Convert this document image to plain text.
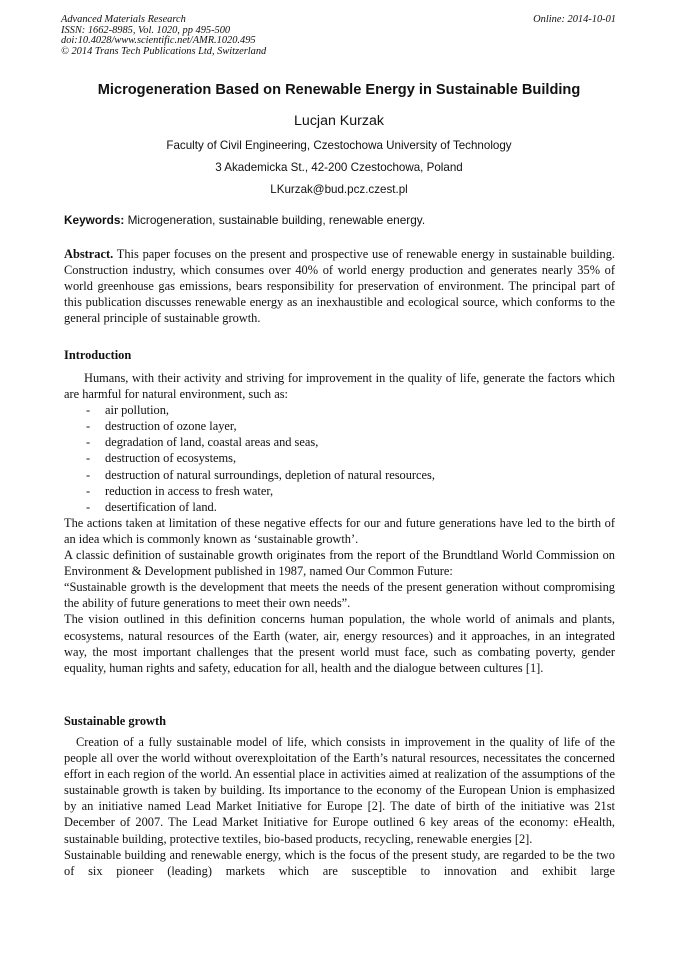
Advanced Materials Research
ISSN: 1662-8985, Vol. 1020, pp 495-500
doi:10.4028/www.scientific.net/AMR.1020.495
© 2014 Trans Tech Publications Ltd, Switzerland
Online: 2014-10-01
Microgeneration Based on Renewable Energy in Sustainable Building
Lucjan Kurzak
Faculty of Civil Engineering, Czestochowa University of Technology
3 Akademicka St., 42-200 Czestochowa, Poland
LKurzak@bud.pcz.czest.pl
Keywords: Microgeneration, sustainable building, renewable energy.

Abstract. This paper focuses on the present and prospective use of renewable energy in sustainable building. Construction industry, which consumes over 40% of world energy production and generates nearly 35% of world greenhouse gas emissions, bears responsibility for preservation of environment. The principal part of this publication discusses renewable energy as an inexhaustible and ecological source, which conforms to the general principle of sustainable growth.

Introduction

Humans, with their activity and striving for improvement in the quality of life, generate the factors which are harmful for natural environment, such as:

- air pollution,
- destruction of ozone layer,
- degradation of land, coastal areas and seas,
- destruction of ecosystems,
- destruction of natural surroundings, depletion of natural resources,
- reduction in access to fresh water,
- desertification of land.

The actions taken at limitation of these negative effects for our and future generations have led to the birth of an idea which is commonly known as ‘sustainable growth’.

A classic definition of sustainable growth originates from the report of the Brundtland World Commission on Environment & Development published in 1987, named Our Common Future:

“Sustainable growth is the development that meets the needs of the present generation without compromising the ability of future generations to meet their own needs”.

The vision outlined in this definition concerns human population, the whole world of animals and plants, ecosystems, natural resources of the Earth (water, air, energy resources) and it approaches, in an integrated way, the most important challenges that the present world must face, such as combating poverty, gender equality, human rights and safety, education for all, health and the dialogue between cultures [1].

Sustainable growth

Creation of a fully sustainable model of life, which consists in improvement in the quality of life of the people all over the world without overexploitation of the Earth’s natural resources, necessitates the concerned effort in each region of the world. An essential place in activities aimed at realization of the assumptions of the sustainable growth is taken by building. Its importance to the economy of the European Union is emphasized by an initiative named Lead Market Initiative for Europe [2]. The date of birth of the initiative was 21st December of 2007. The Lead Market Initiative for Europe outlined 6 key areas of the economy: eHealth, sustainable building, protective textiles, bio-based products, recycling, renewable energies [2].

Sustainable building and renewable energy, which is the focus of the present study, are regarded to be the two of six pioneer (leading) markets which are susceptible to innovation and exhibit large
